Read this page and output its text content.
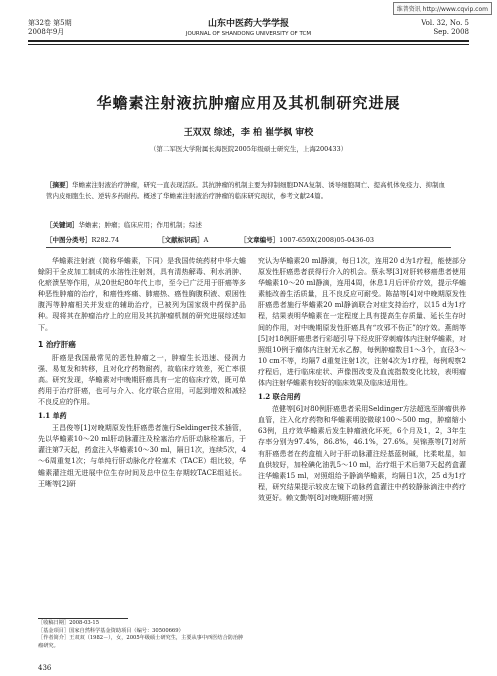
维普资讯 http://www.cqvip.com
第32卷 第5期
2008年9月
山东中医药大学学报
JOURNAL OF SHANDONG UNIVERSITY OF TCM
Vol. 32, No. 5
Sep. 2008
华蟾素注射液抗肿瘤应用及其机制研究进展
王双双 综述，李 柏 崔学枫 审校
（第二军医大学附属长海医院2005年级硕士研究生，上海200433）
［摘要］华蟾素注射液治疗肿瘤，研究一直表现活跃。其抗肿瘤的机制主要为抑制细胞DNA复制、诱导细胞凋亡、提高机体免疫力、抑制血管内皮细胞生长、逆转多药耐药。概述了华蟾素注射液治疗肿瘤的临床研究现状，参考文献24篇。
［关键词］华蟾素；肿瘤；临床应用；作用机制；综述
［中图分类号］R282.74	［文献标识码］A	［文章编号］1007-659X(2008)05-0436-03

华蟾素注射液（简称华蟾素，下同）是我国传统药材中华大蟾蜍阴干全皮加工制成的水溶性注射剂，具有清热解毒、利水消肿、化瘀溃坚等作用，从20世纪80年代上市，至今已广泛用于肝癌等多种恶性肿瘤的治疗，和癌性疼痛、肺癌热、癌性胸腹积液、艰困性腹泻等肿瘤相关并发症的辅助治疗，已被列为国家级中药保护品种。现将其在肿瘤治疗上的应用及其抗肿瘤机制的研究进展综述如下。

1 治疗肝癌

肝癌是我国最常见的恶性肿瘤之一，肿瘤生长迅速、侵润力强、易复发和转移，且对化疗药物耐药，故临床疗效差，死亡率很高。研究发现，华蟾素对中晚期肝癌具有一定的临床疗效，既可单药用于治疗肝癌，也可与介入、化疗联合应用，可起到增效和减轻不良反应的作用。

1.1 单药

王昌俊等[1]对晚期原发性肝癌患者施行Seldinger技术插管，先以华蟾素10～20 ml肝动脉灌注及栓塞治疗后肝动脉栓塞后，于灌注第7天起，药盒注入华蟾素10～30 ml，隔日1次，连续5次，4～6周重复1次；与单纯行肝动脉化疗栓塞术（TACE）组比较，华蟾素灌注组无进展中位生存时间及总中位生存期较TACE组延长。王晰等[2]研

究认为华蟾素20 ml静滴，每日1次，连用20 d为1疗程，能使部分原发性肝癌患者获得行介入的机会。蔡永琴[3]对肝转移癌患者使用华蟾素10～20 ml静滴，连用4周，休息1月后评价疗效，提示华蟾素能改善生活质量，且不良反应可耐受。陈喆等[4]对中晚期原发性肝癌患者施行华蟾素20 ml静滴联合对症支持治疗，以15 d为1疗程，结果表明华蟾素在一定程度上具有提高生存质量、延长生存时间的作用，对中晚期原发性肝癌具有“攻邪不伤正”的疗效。燕朗等[5]对18例肝癌患者行彩超引导下经皮肝穿刺瘤体内注射华蟾素，对照组10例于瘤体内注射无水乙醇，每例肿瘤数目1～3个，直径3～10 cm不等，均隔7 d重复注射1次，注射4次为1疗程，每例观察2疗程后，进行临床症状、声像图改变及血流指数变化比较，表明瘤体内注射华蟾素有较好的临床效果及临床适用性。

1.2 联合用药

范健等[6]对80例肝癌患者采用Seldinger方法超选至肿瘤供养血管，注入化疗药物和华蟾素明胶微球100～500 mg，肿瘤缩小63例，且疗效华蟾素后发生肿瘤液化坏死，6个月及1，2，3年生存率分别为97.4%，86.8%，46.1%，27.6%。吴锦燕等[7]对所有肝癌患者在药盒植入时于肝动脉灌注经基蓝树碱，比柔吡星，如血供较好，加栓碘化油乳5～10 ml，治疗组于术后第7天起药盒灌注华蟾素15 ml，对照组给予静滴华蟾素，均隔日1次，25 d为1疗程，研究结果提示较皮左镜下动脉药盒灌注中药较静脉滴注中药疗效更好。赖文勤等[8]对晚期肝癌对照

［收稿日期］2008-03-15
［基金项目］国家自然科学基金资助项目（编号：30500669）
［作者简介］王双双（1982－），女，2005年级硕士研究生，主要从事中西医结合防治肿瘤研究。
436
